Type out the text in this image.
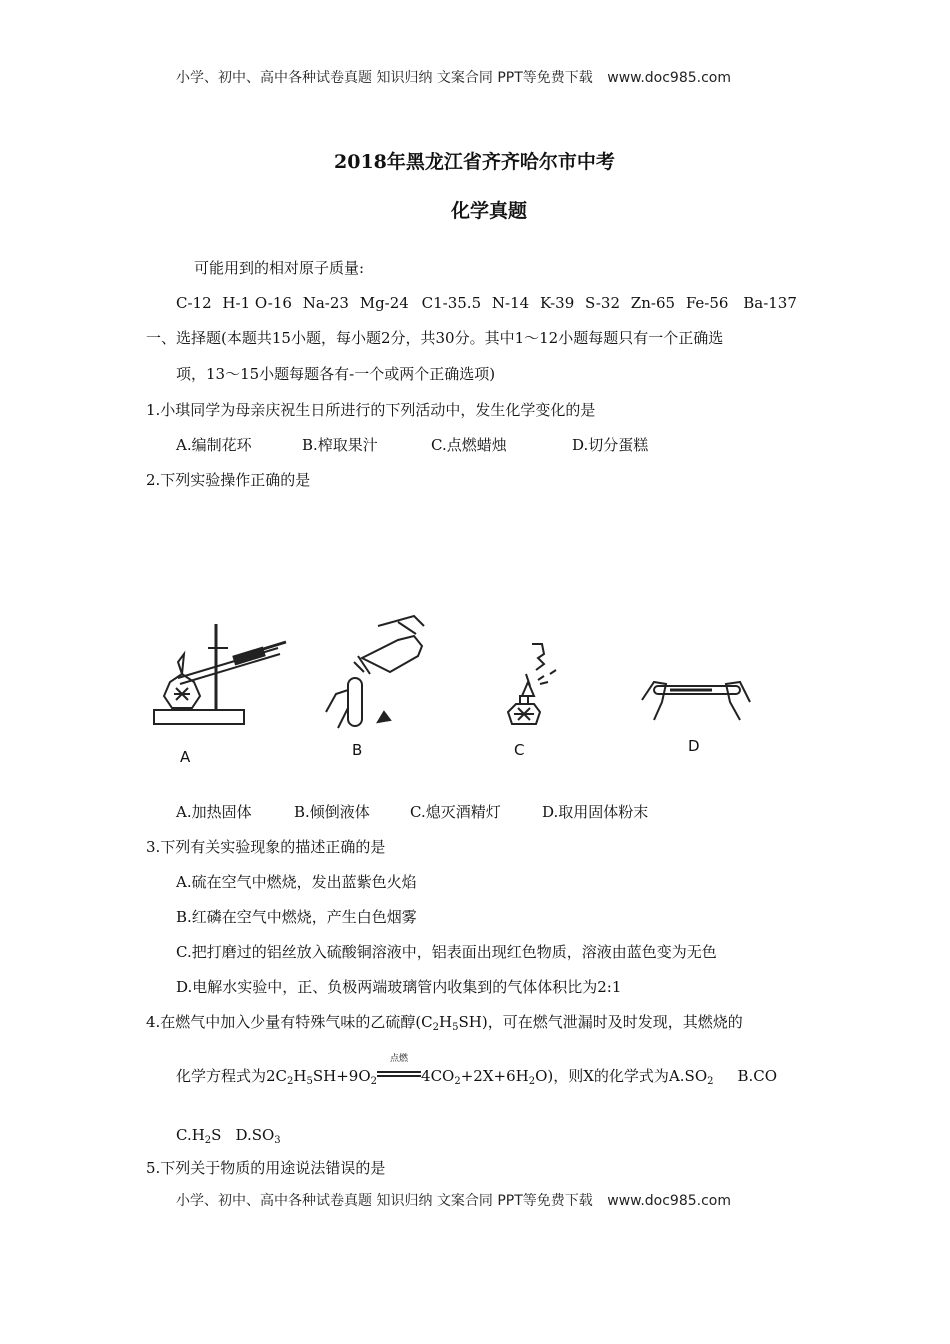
小学、初中、高中各种试卷真题 知识归纳 文案合同 PPT等免费下载 www.doc985.com
2018年黑龙江省齐齐哈尔市中考
化学真题
可能用到的相对原子质量:
C-12 H-1 O-16 Na-23 Mg-24 C1-35.5 N-14 K-39 S-32 Zn-65 Fe-56 Ba-137
一、选择题(本题共15小题，每小题2分，共30分。其中1～12小题每题只有一个正确选
项，13～15小题每题各有-一个或两个正确选项)
1.小琪同学为母亲庆祝生日所进行的下列活动中，发生化学变化的是
A.编制花环	B.榨取果汁	C.点燃蜡烛	D.切分蛋糕
2.下列实验操作正确的是
A	B	C	D
A.加热固体	B.倾倒液体	C.熄灭酒精灯	D.取用固体粉末
3.下列有关实验现象的描述正确的是
A.硫在空气中燃烧，发出蓝紫色火焰
B.红磷在空气中燃烧，产生白色烟雾
C.把打磨过的铝丝放入硫酸铜溶液中，铝表面出现红色物质，溶液由蓝色变为无色
D.电解水实验中，正、负极两端玻璃管内收集到的气体体积比为2:1
4.在燃气中加入少量有特殊气味的乙硫醇$(C_2H_5SH)$，可在燃气泄漏时及时发现，其燃烧的
化学方程式为$2C_2H_5SH+9O_2$
点燃
$4CO_2+2X+6H_2O$)，则X的化学式为$A.SO_2$ B.CO
$C.H_2S$ $D.SO_3$
5.下列关于物质的用途说法错误的是
小学、初中、高中各种试卷真题 知识归纳 文案合同 PPT等免费下载 www.doc985.com
